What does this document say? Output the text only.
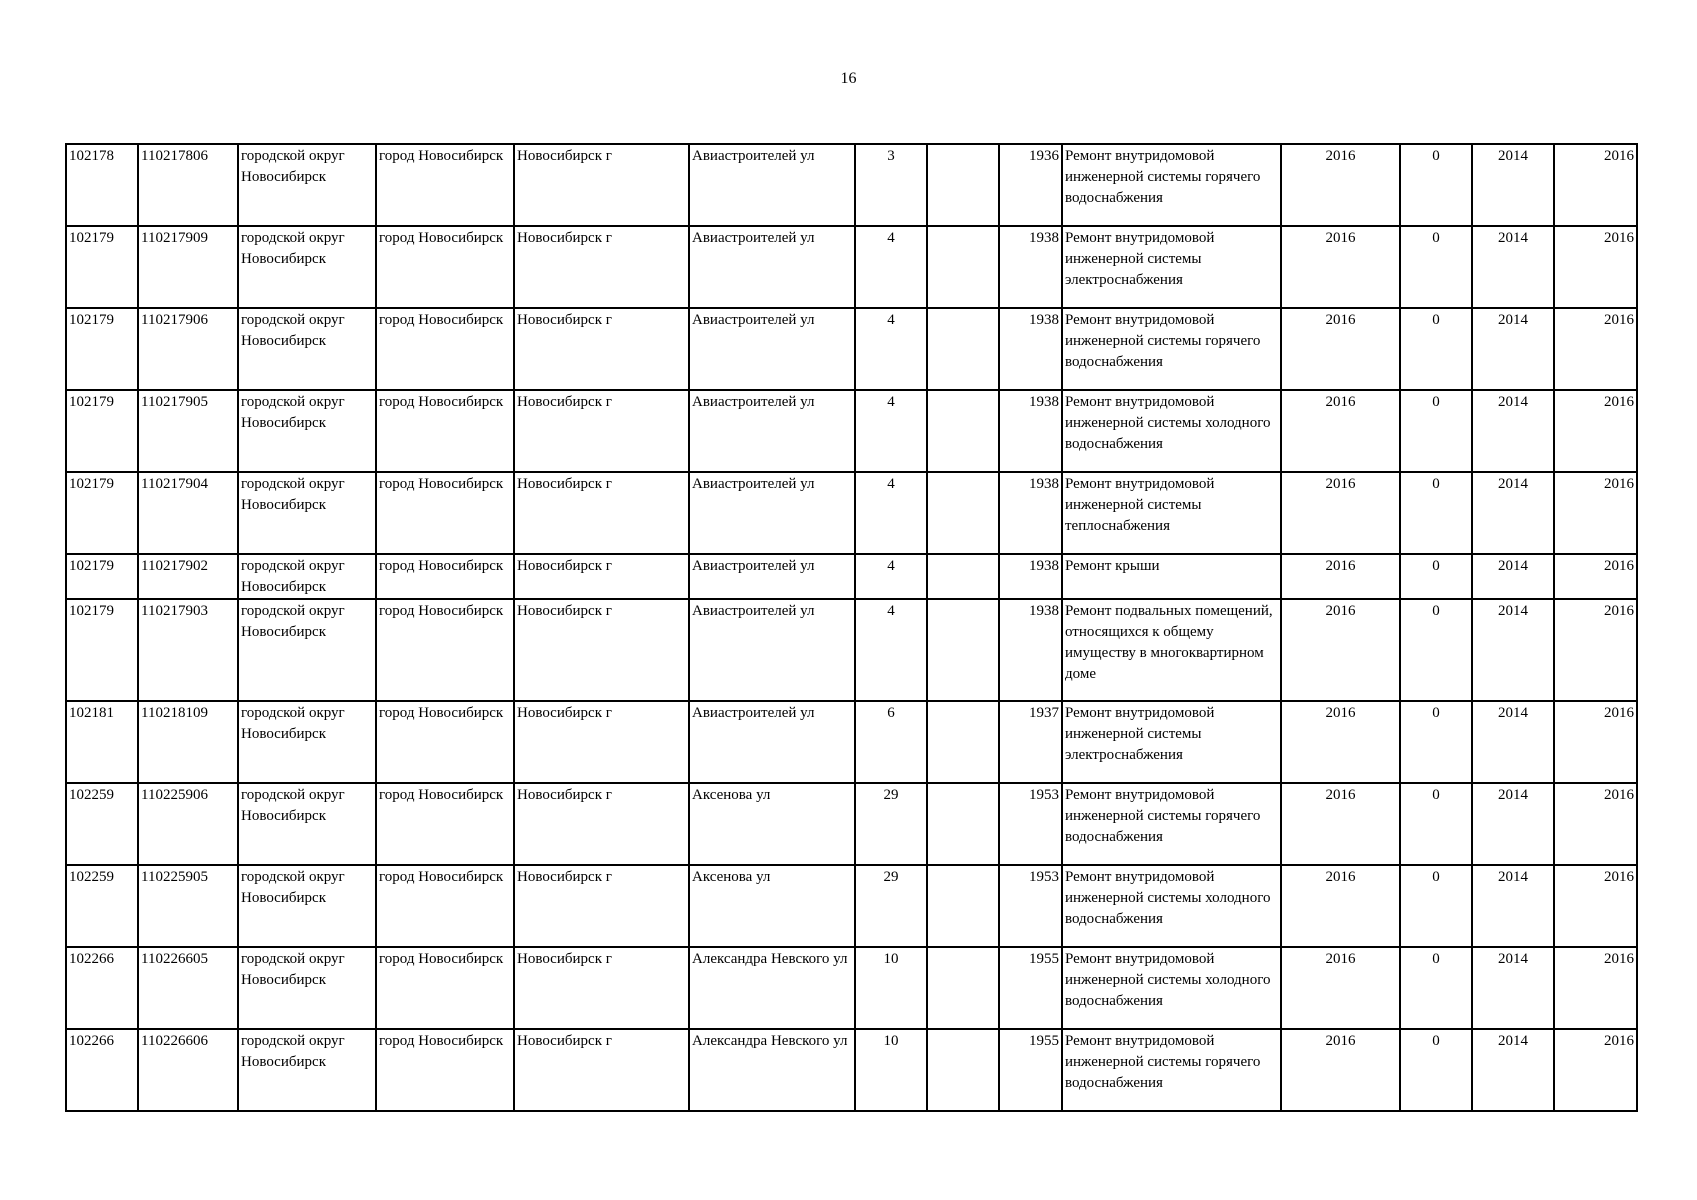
16
102178	110217806	городской округ Новосибирск	город Новосибирск	Новосибирск г	Авиастроителей ул	3		1936	Ремонт внутридомовой инженерной системы горячего водоснабжения	2016	0	2014	2016
102179	110217909	городской округ Новосибирск	город Новосибирск	Новосибирск г	Авиастроителей ул	4		1938	Ремонт внутридомовой инженерной системы электроснабжения	2016	0	2014	2016
102179	110217906	городской округ Новосибирск	город Новосибирск	Новосибирск г	Авиастроителей ул	4		1938	Ремонт внутридомовой инженерной системы горячего водоснабжения	2016	0	2014	2016
102179	110217905	городской округ Новосибирск	город Новосибирск	Новосибирск г	Авиастроителей ул	4		1938	Ремонт внутридомовой инженерной системы холодного водоснабжения	2016	0	2014	2016
102179	110217904	городской округ Новосибирск	город Новосибирск	Новосибирск г	Авиастроителей ул	4		1938	Ремонт внутридомовой инженерной системы теплоснабжения	2016	0	2014	2016
102179	110217902	городской округ Новосибирск	город Новосибирск	Новосибирск г	Авиастроителей ул	4		1938	Ремонт крыши	2016	0	2014	2016
102179	110217903	городской округ Новосибирск	город Новосибирск	Новосибирск г	Авиастроителей ул	4		1938	Ремонт подвальных помещений, относящихся к общему имуществу в многоквартирном доме	2016	0	2014	2016
102181	110218109	городской округ Новосибирск	город Новосибирск	Новосибирск г	Авиастроителей ул	6		1937	Ремонт внутридомовой инженерной системы электроснабжения	2016	0	2014	2016
102259	110225906	городской округ Новосибирск	город Новосибирск	Новосибирск г	Аксенова ул	29		1953	Ремонт внутридомовой инженерной системы горячего водоснабжения	2016	0	2014	2016
102259	110225905	городской округ Новосибирск	город Новосибирск	Новосибирск г	Аксенова ул	29		1953	Ремонт внутридомовой инженерной системы холодного водоснабжения	2016	0	2014	2016
102266	110226605	городской округ Новосибирск	город Новосибирск	Новосибирск г	Александра Невского ул	10		1955	Ремонт внутридомовой инженерной системы холодного водоснабжения	2016	0	2014	2016
102266	110226606	городской округ Новосибирск	город Новосибирск	Новосибирск г	Александра Невского ул	10		1955	Ремонт внутридомовой инженерной системы горячего водоснабжения	2016	0	2014	2016
